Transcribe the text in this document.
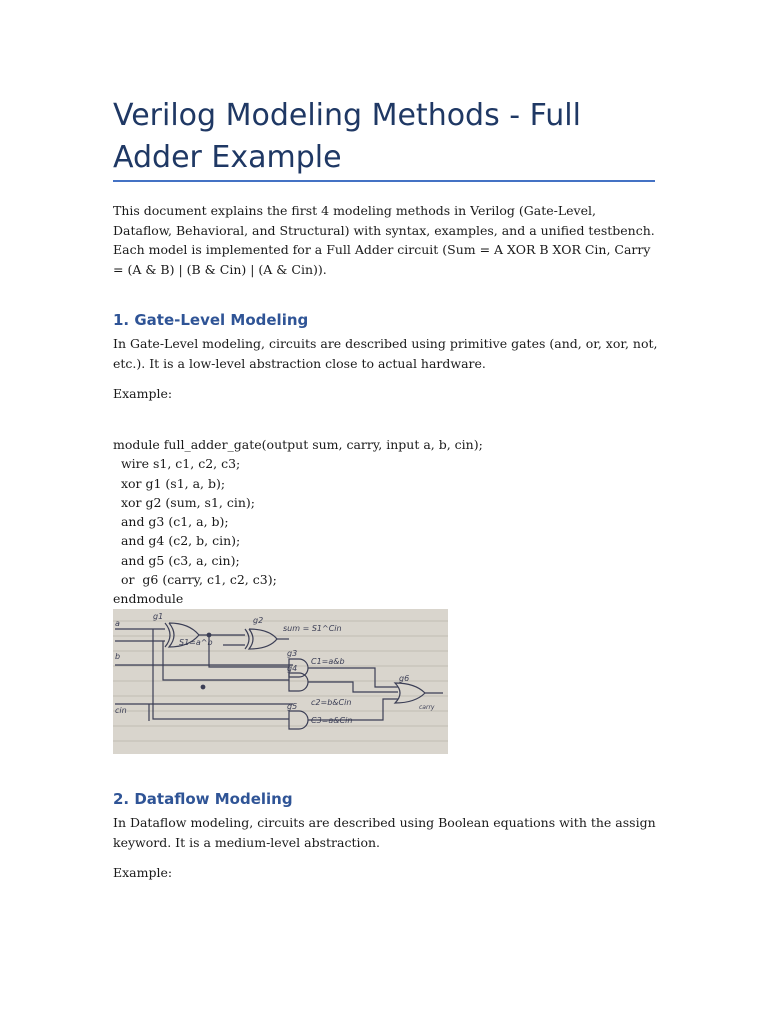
Verilog Modeling Methods - Full Adder Example

This document explains the first 4 modeling methods in Verilog (Gate-Level, Dataflow, Behavioral, and Structural) with syntax, examples, and a unified testbench. Each model is implemented for a Full Adder circuit (Sum = A XOR B XOR Cin, Carry = (A & B) | (B & Cin) | (A & Cin)).

1. Gate-Level Modeling

In Gate-Level modeling, circuits are described using primitive gates (and, or, xor, not, etc.). It is a low-level abstraction close to actual hardware.

Example:

module full_adder_gate(output sum, carry, input a, b, cin);
wire s1, c1, c2, c3;
xor g1 (s1, a, b);
xor g2 (sum, s1, cin);
and g3 (c1, a, b);
and g4 (c2, b, cin);
and g5 (c3, a, cin);
or  g6 (carry, c1, c2, c3);
endmodule
g1	g2
g3
g4
g5
g6
a
b
cin
S1=a^b
sum = S1^Cin
C1=a&b
c2=b&Cin
C3=a&Cin
carry
2. Dataflow Modeling

In Dataflow modeling, circuits are described using Boolean equations with the assign keyword. It is a medium-level abstraction.

Example:
